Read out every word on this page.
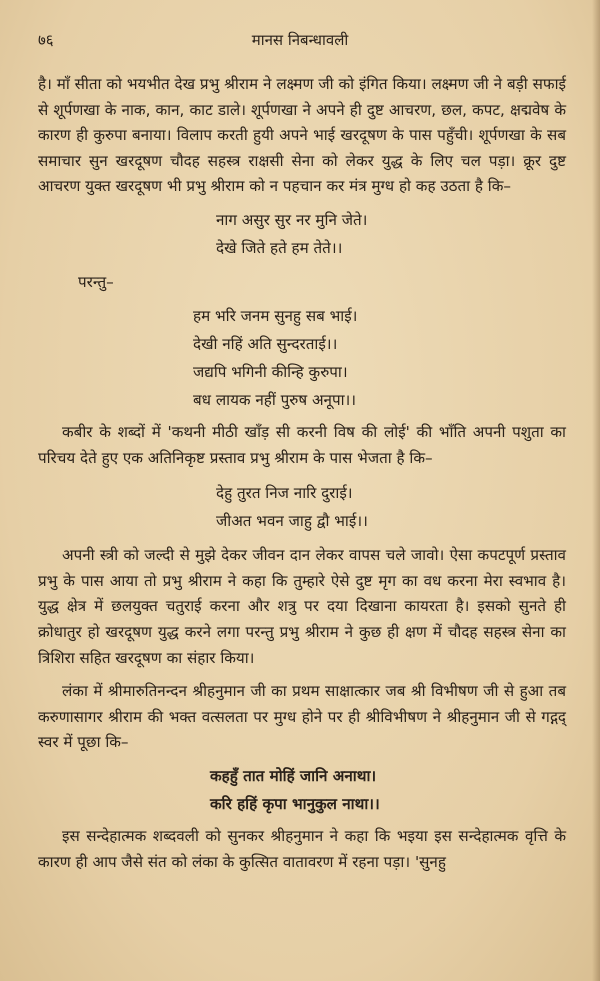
७६	मानस निबन्धावली

है। माँ सीता को भयभीत देख प्रभु श्रीराम ने लक्ष्मण जी को इंगित किया। लक्ष्मण जी ने बड़ी सफाई से शूर्पणखा के नाक, कान, काट डाले। शूर्पणखा ने अपने ही दुष्ट आचरण, छल, कपट, क्षद्मवेष के कारण ही कुरुपा बनाया। विलाप करती हुयी अपने भाई खरदूषण के पास पहुँची। शूर्पणखा के सब समाचार सुन खरदूषण चौदह सहस्त्र राक्षसी सेना को लेकर युद्ध के लिए चल पड़ा। क्रूर दुष्ट आचरण युक्त खरदूषण भी प्रभु श्रीराम को न पहचान कर मंत्र मुग्ध हो कह उठता है कि–

नाग असुर सुर नर मुनि जेते।

देखे जिते हते हम तेते।।

परन्तु–

हम भरि जनम सुनहु सब भाई।

देखी नहिं अति सुन्दरताई।।

जद्यपि भगिनी कीन्हि कुरुपा।

बध लायक नहीं पुरुष अनूपा।।

कबीर के शब्दों में 'कथनी मीठी खाँड़ सी करनी विष की लोई' की भाँति अपनी पशुता का परिचय देते हुए एक अतिनिकृष्ट प्रस्ताव प्रभु श्रीराम के पास भेजता है कि–

देहु तुरत निज नारि दुराई।

जीअत भवन जाहु द्वौ भाई।।

अपनी स्त्री को जल्दी से मुझे देकर जीवन दान लेकर वापस चले जावो। ऐसा कपटपूर्ण प्रस्ताव प्रभु के पास आया तो प्रभु श्रीराम ने कहा कि तुम्हारे ऐसे दुष्ट मृग का वध करना मेरा स्वभाव है। युद्ध क्षेत्र में छलयुक्त चतुराई करना और शत्रु पर दया दिखाना कायरता है। इसको सुनते ही क्रोधातुर हो खरदूषण युद्ध करने लगा परन्तु प्रभु श्रीराम ने कुछ ही क्षण में चौदह सहस्त्र सेना का त्रिशिरा सहित खरदूषण का संहार किया।

लंका में श्रीमारुतिनन्दन श्रीहनुमान जी का प्रथम साक्षात्कार जब श्री विभीषण जी से हुआ तब करुणासागर श्रीराम की भक्त वत्सलता पर मुग्ध होने पर ही श्रीविभीषण ने श्रीहनुमान जी से गद्गद् स्वर में पूछा कि–

कहहुँ तात मोहिं जानि अनाथा।

करि हहिं कृपा भानुकुल नाथा।।

इस सन्देहात्मक शब्दवली को सुनकर श्रीहनुमान ने कहा कि भइया इस सन्देहात्मक वृत्ति के कारण ही आप जैसे संत को लंका के कुत्सित वातावरण में रहना पड़ा। 'सुनहु
